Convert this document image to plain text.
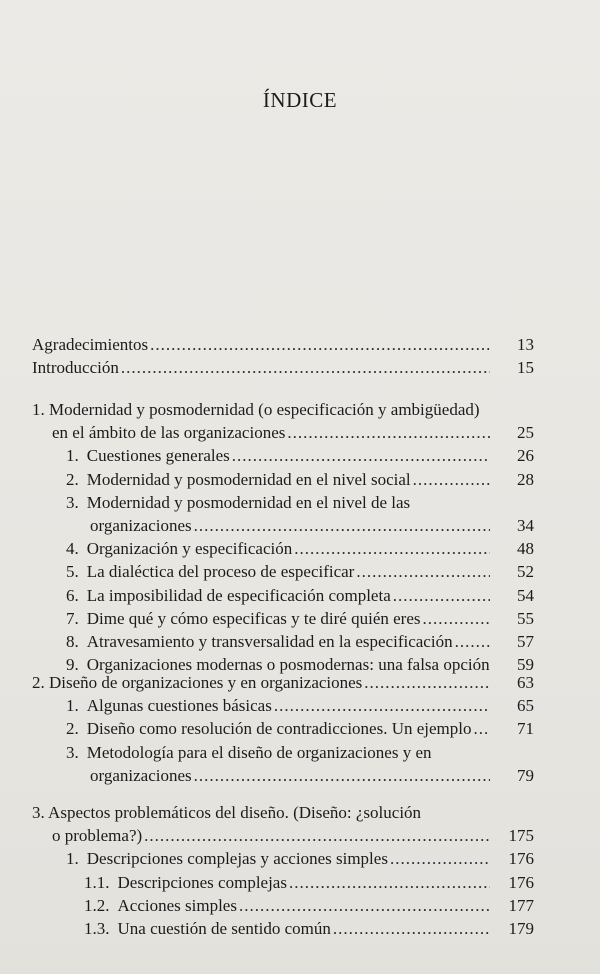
ÍNDICE
Agradecimientos .....	13
Introducción .....	15
1. Modernidad y posmodernidad (o especificación y ambigüedad)
en el ámbito de las organizaciones .....	25
1. Cuestiones generales .....	26
2. Modernidad y posmodernidad en el nivel social .....	28
3. Modernidad y posmodernidad en el nivel de las
organizaciones .....	34
4. Organización y especificación .....	48
5. La dialéctica del proceso de especificar .....	52
6. La imposibilidad de especificación completa .....	54
7. Dime qué y cómo especificas y te diré quién eres .....	55
8. Atravesamiento y transversalidad en la especificación .....	57
9. Organizaciones modernas o posmodernas: una falsa opción 59
2. Diseño de organizaciones y en organizaciones .....	63
1. Algunas cuestiones básicas .....	65
2. Diseño como resolución de contradicciones. Un ejemplo .....	71
3. Metodología para el diseño de organizaciones y en
organizaciones .....	79
3. Aspectos problemáticos del diseño. (Diseño: ¿solución
o problema?) .....	175
1. Descripciones complejas y acciones simples .....	176
1.1. Descripciones complejas .....	176
1.2. Acciones simples .....	177
1.3. Una cuestión de sentido común .....	179
